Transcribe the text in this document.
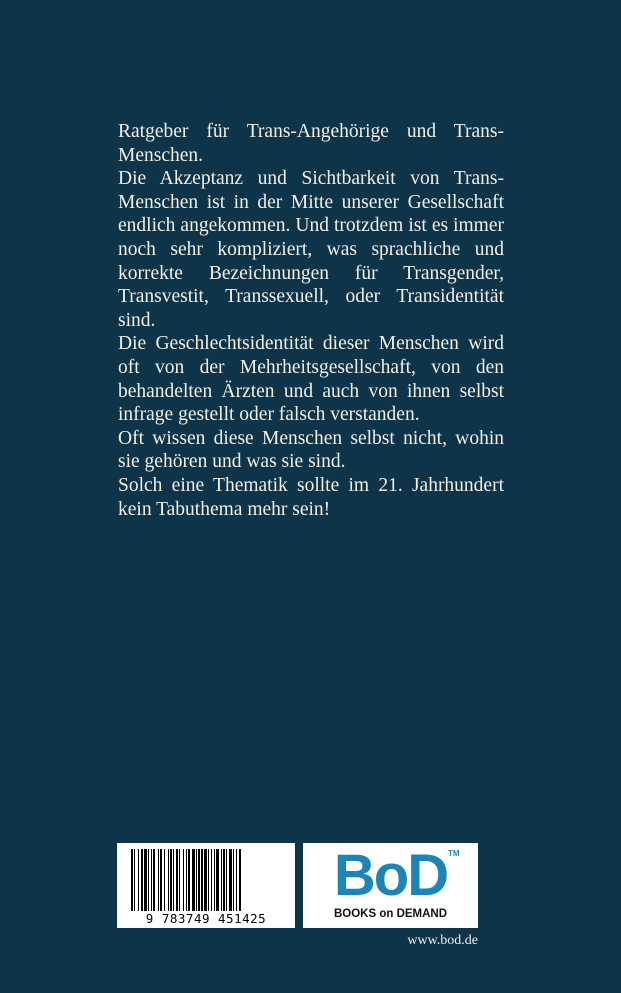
Ratgeber für Trans-Angehörige und Trans-Menschen.

Die Akzeptanz und Sichtbarkeit von Trans-Menschen ist in der Mitte unserer Gesellschaft endlich angekommen. Und trotzdem ist es immer noch sehr kompliziert, was sprachliche und korrekte Bezeichnungen für Transgender, Transvestit, Transsexuell, oder Transidentität sind.

Die Geschlechtsidentität dieser Menschen wird oft von der Mehrheitsgesellschaft, von den behandelten Ärzten und auch von ihnen selbst infrage gestellt oder falsch verstanden.

Oft wissen diese Menschen selbst nicht, wohin sie gehören und was sie sind.

Solch eine Thematik sollte im 21. Jahrhundert kein Tabuthema mehr sein!

9 783749 451425
BoD TM
BOOKS on DEMAND
www.bod.de
